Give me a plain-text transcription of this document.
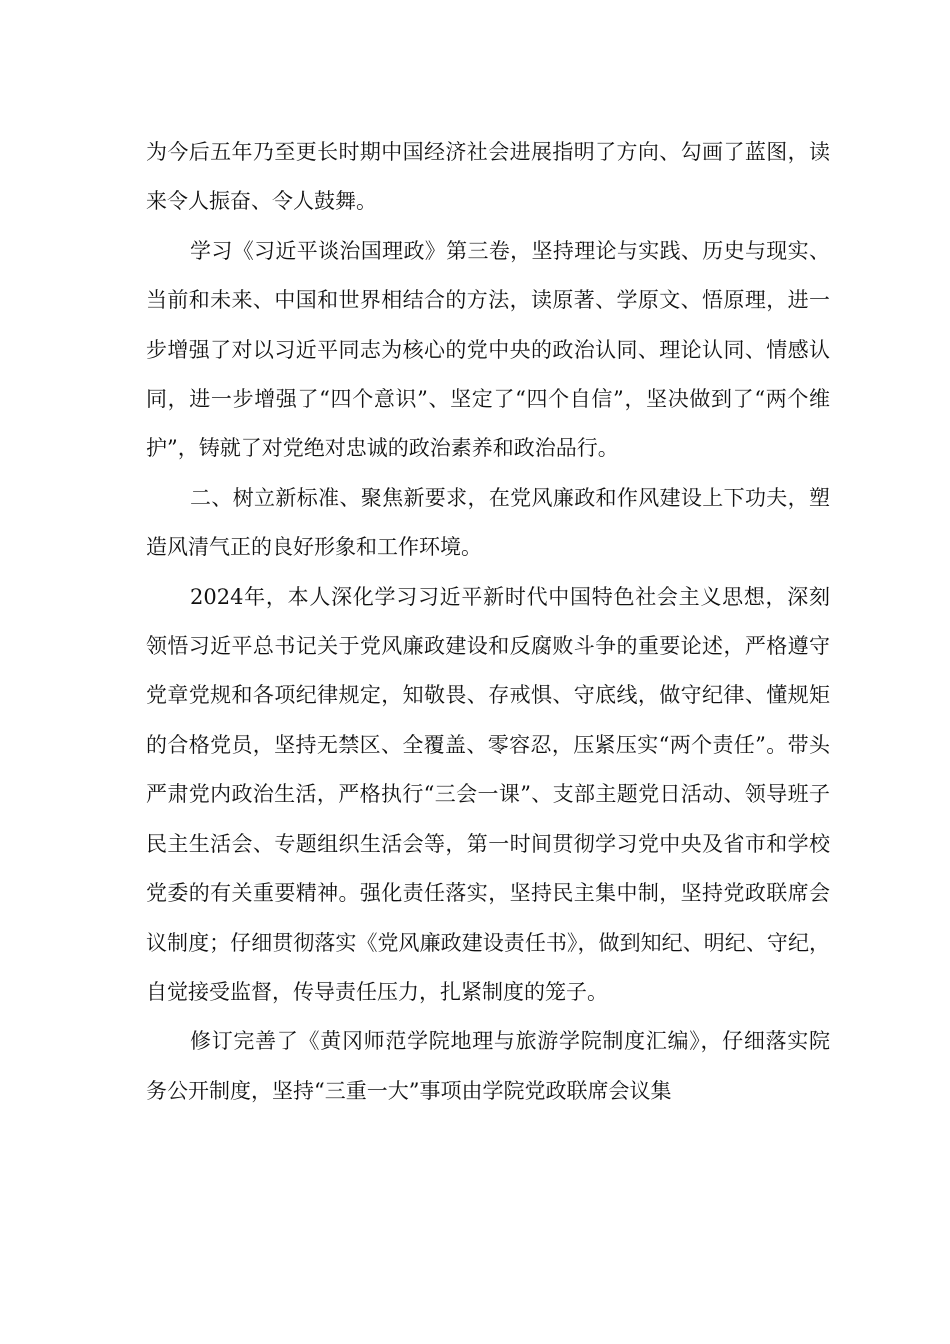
为今后五年乃至更长时期中国经济社会进展指明了方向、勾画了蓝图，读来令人振奋、令人鼓舞。

学习《习近平谈治国理政》第三卷，坚持理论与实践、历史与现实、当前和未来、中国和世界相结合的方法，读原著、学原文、悟原理，进一步增强了对以习近平同志为核心的党中央的政治认同、理论认同、情感认同，进一步增强了“四个意识”、坚定了“四个自信”，坚决做到了“两个维护”，铸就了对党绝对忠诚的政治素养和政治品行。

二、树立新标准、聚焦新要求，在党风廉政和作风建设上下功夫，塑造风清气正的良好形象和工作环境。

2024年，本人深化学习习近平新时代中国特色社会主义思想，深刻领悟习近平总书记关于党风廉政建设和反腐败斗争的重要论述，严格遵守党章党规和各项纪律规定，知敬畏、存戒惧、守底线，做守纪律、懂规矩的合格党员，坚持无禁区、全覆盖、零容忍，压紧压实“两个责任”。带头严肃党内政治生活，严格执行“三会一课”、支部主题党日活动、领导班子民主生活会、专题组织生活会等，第一时间贯彻学习党中央及省市和学校党委的有关重要精神。强化责任落实，坚持民主集中制，坚持党政联席会议制度；仔细贯彻落实《党风廉政建设责任书》，做到知纪、明纪、守纪，自觉接受监督，传导责任压力，扎紧制度的笼子。

修订完善了《黄冈师范学院地理与旅游学院制度汇编》，仔细落实院务公开制度，坚持“三重一大”事项由学院党政联席会议集
